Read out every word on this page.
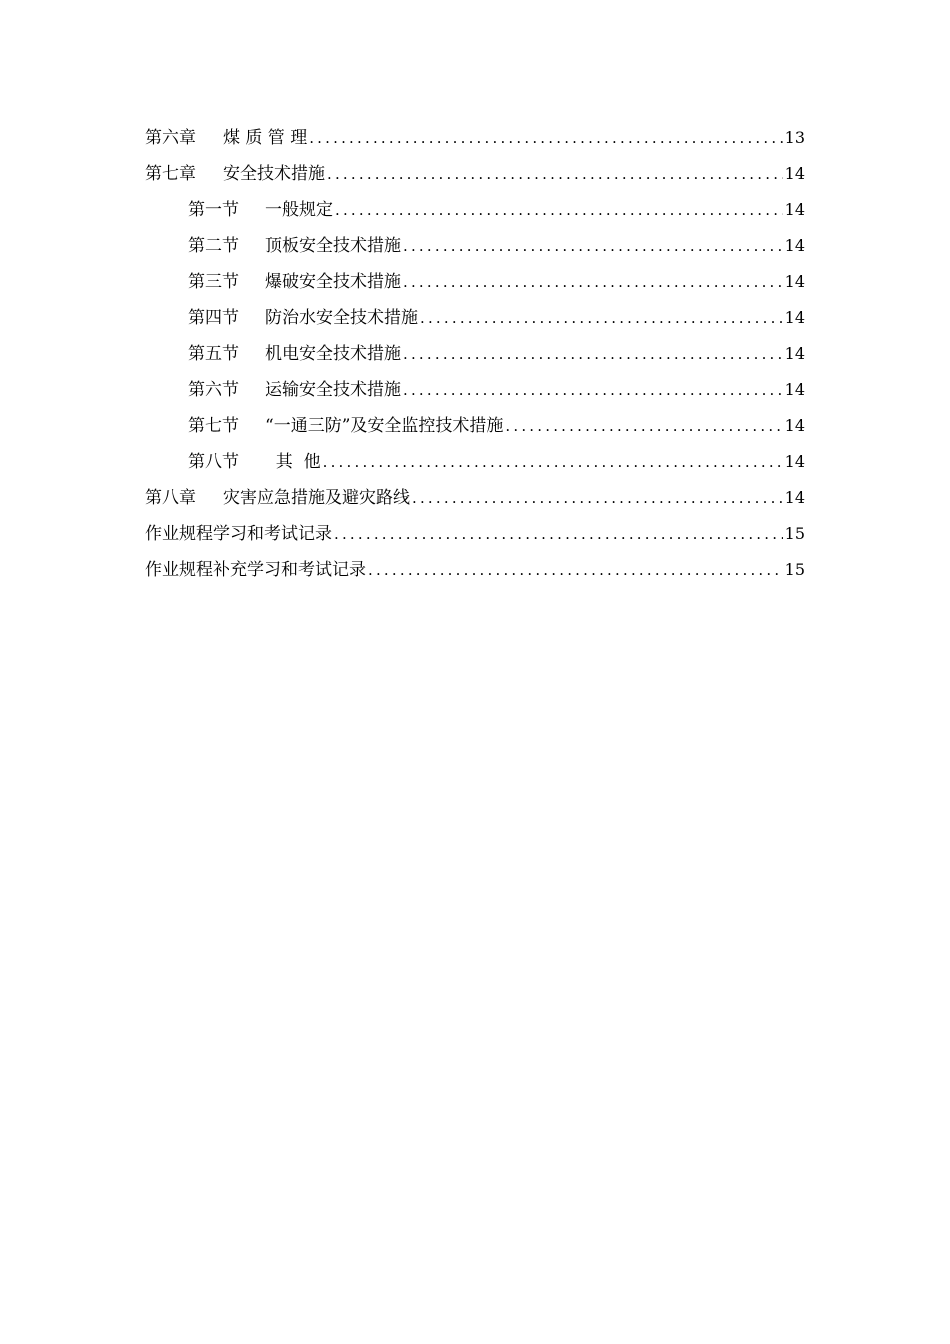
第六章 煤 质 管 理 .....	13
第七章 安全技术措施 .....	14
第一节 一般规定 .....	14
第二节 顶板安全技术措施 .....	14
第三节 爆破安全技术措施 .....	14
第四节 防治水安全技术措施 .....	14
第五节 机电安全技术措施 .....	14
第六节 运输安全技术措施 .....	14
第七节 “一通三防”及安全监控技术措施 .....	14
第八节  其  他 .....	14
第八章 灾害应急措施及避灾路线 .....	14
作业规程学习和考试记录 .....	15
作业规程补充学习和考试记录 .....	15
